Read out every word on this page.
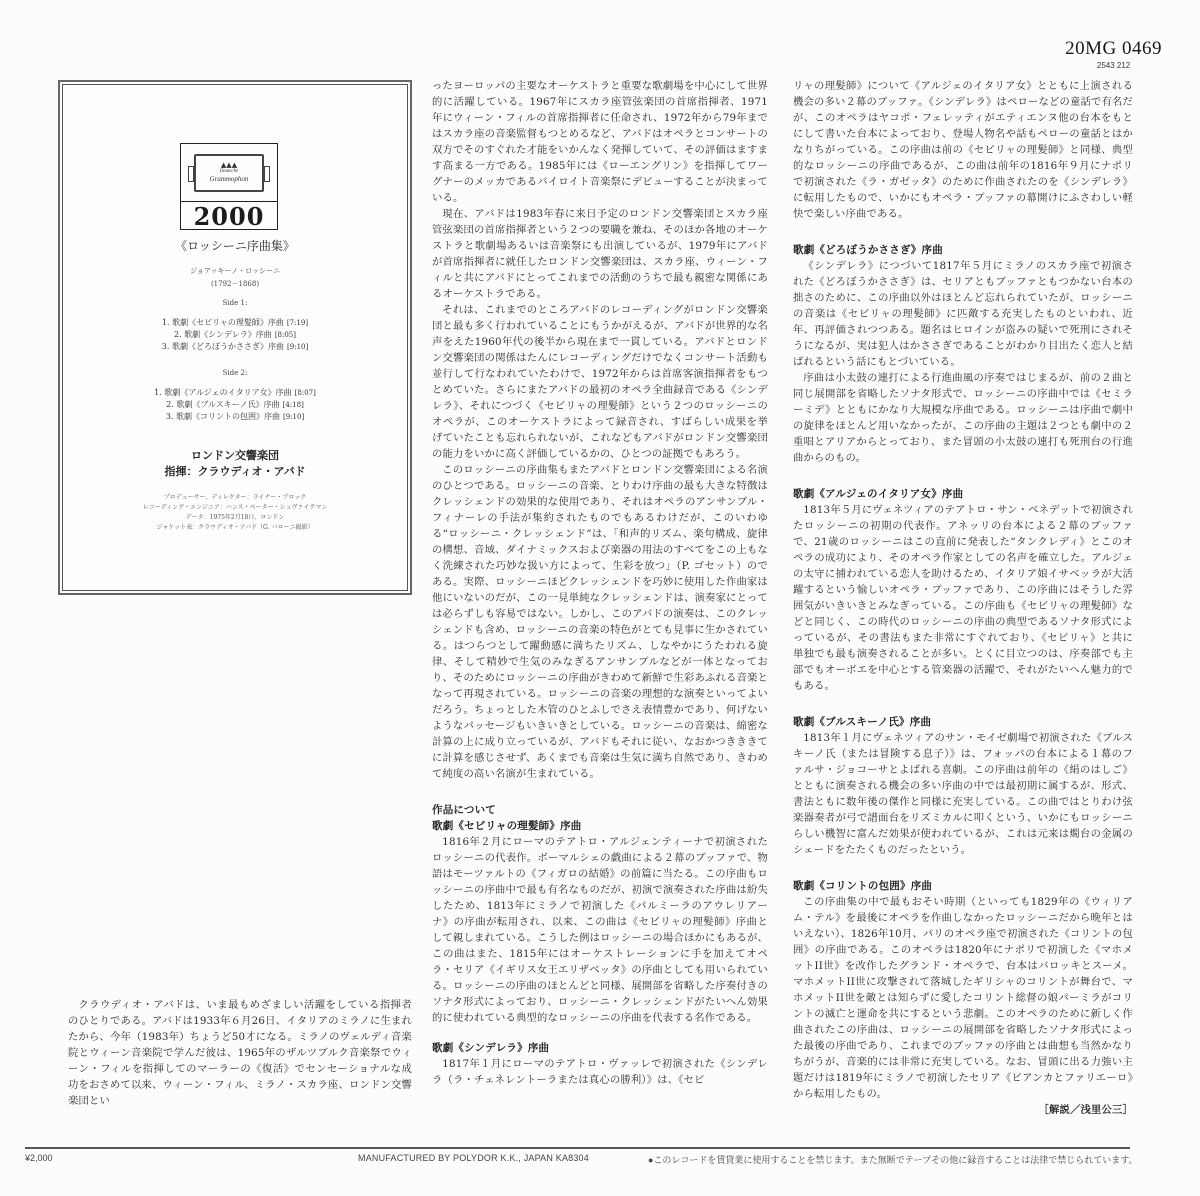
20MG 0469
2543 212
▲▲▲
Deutsche
Grammophon
2000
《ロッシーニ序曲集》
ジョアッキーノ・ロッシーニ
(1792－1868)
Side 1:
1. 歌劇《セビリャの理髪師》序曲 [7:19]
2. 歌劇《シンデレラ》序曲 [8:05]
3. 歌劇《どろぼうかささぎ》序曲 [9:10]
Side 2:
1. 歌劇《アルジェのイタリア女》序曲 [8:07]
2. 歌劇《ブルスキーノ氏》序曲 [4:18]
3. 歌劇《コリントの包囲》序曲 [9:10]
ロンドン交響楽団
指揮：クラウディオ・アバド
プロデューサー、ディレクター：ライナー・ブロック
レコーディング・エンジニア：ハンス・ペーター・シュヴァイクマン
データ：1975年2月18日、ロンドン
ジャケット表：クラウディオ・アバド（G. バローニ撮影）

クラウディオ・アバドは、いま最もめざましい活躍をしている指揮者のひとりである。アバドは1933年６月26日、イタリアのミラノに生まれたから、今年（1983年）ちょうど50才になる。ミラノのヴェルディ音楽院とウィーン音楽院で学んだ彼は、1965年のザルツブルク音楽祭でウィーン・フィルを指揮してのマーラーの《復活》でセンセーショナルな成功をおさめて以来、ウィーン・フィル、ミラノ・スカラ座、ロンドン交響楽団とい

ったヨーロッパの主要なオーケストラと重要な歌劇場を中心にして世界的に活躍している。1967年にスカラ座管弦楽団の首席指揮者、1971年にウィーン・フィルの首席指揮者に任命され、1972年から79年まではスカラ座の音楽監督もつとめるなど、アバドはオペラとコンサートの双方でそのすぐれた才能をいかんなく発揮していて、その評価はますます高まる一方である。1985年には《ローエングリン》を指揮してワーグナーのメッカであるバイロイト音楽祭にデビューすることが決まっている。

現在、アバドは1983年春に来日予定のロンドン交響楽団とスカラ座管弦楽団の首席指揮者という２つの要職を兼ね、そのほか各地のオーケストラと歌劇場あるいは音楽祭にも出演しているが、1979年にアバドが首席指揮者に就任したロンドン交響楽団は、スカラ座、ウィーン・フィルと共にアバドにとってこれまでの活動のうちで最も親密な関係にあるオーケストラである。

それは、これまでのところアバドのレコーディングがロンドン交響楽団と最も多く行われていることにもうかがえるが、アバドが世界的な名声をえた1960年代の後半から現在まで一貫している。アバドとロンドン交響楽団の関係はたんにレコーディングだけでなくコンサート活動も並行して行なわれていたわけで、1972年からは首席客演指揮者をもつとめていた。さらにまたアバドの最初のオペラ全曲録音である《シンデレラ》、それにつづく《セビリャの理髪師》という２つのロッシーニのオペラが、このオーケストラによって録音され、すばらしい成果を挙げていたことも忘れられないが、これなどもアバドがロンドン交響楽団の能力をいかに高く評価しているかの、ひとつの証拠でもあろう。

このロッシーニの序曲集もまたアバドとロンドン交響楽団による名演のひとつである。ロッシーニの音楽、とりわけ序曲の最も大きな特徴はクレッシェンドの効果的な使用であり、それはオペラのアンサンブル・フィナーレの手法が集約されたものでもあるわけだが、このいわゆる“ロッシーニ・クレッシェンド”は、「和声的リズム、楽句構成、旋律の構想、音域、ダイナミックスおよび楽器の用法のすべてをこの上もなく洗練された巧妙な扱い方によって、生彩を放つ」（P. ゴセット）のである。実際、ロッシーニほどクレッシェンドを巧妙に使用した作曲家は他にいないのだが、この一見単純なクレッシェンドは、演奏家にとっては必らずしも容易ではない。しかし、このアバドの演奏は、このクレッシェンドも含め、ロッシーニの音楽の特色がとても見事に生かされている。はつらつとして躍動感に満ちたリズム、しなやかにうたわれる旋律、そして精妙で生気のみなぎるアンサンブルなどが一体となっており、そのためにロッシーニの序曲がきわめて新鮮で生彩あふれる音楽となって再現されている。ロッシーニの音楽の理想的な演奏といってよいだろう。ちょっとした木管のひとふしでさえ表情豊かであり、何げないようなパッセージもいきいきとしている。ロッシーニの音楽は、綿密な計算の上に成り立っているが、アバドもそれに従い、なおかつきききてに計算を感じさせず、あくまでも音楽は生気に満ち自然であり、きわめて純度の高い名演が生まれている。

作品について
歌劇《セビリャの理髪師》序曲

1816年２月にローマのテアトロ・アルジェンティーナで初演されたロッシーニの代表作。ボーマルシェの戯曲による２幕のブッファで、物語はモーツァルトの《フィガロの結婚》の前篇に当たる。この序曲もロッシーニの序曲中で最も有名なものだが、初演で演奏された序曲は紛失したため、1813年にミラノで初演した《パルミーラのアウレリアーナ》の序曲が転用され、以来、この曲は《セビリャの理髪師》序曲として親しまれている。こうした例はロッシーニの場合ほかにもあるが、この曲はまた、1815年にはオーケストレーションに手を加えてオペラ・セリア《イギリス女王エリザベッタ》の序曲としても用いられている。ロッシーニの序曲のほとんどと同様、展開部を省略した序奏付きのソナタ形式によっており、ロッシーニ・クレッシェンドがたいへん効果的に使われている典型的なロッシーニの序曲を代表する名作である。

歌劇《シンデレラ》序曲

1817年１月にローマのテアトロ・ヴァッレで初演された《シンデレラ（ラ・チェネレントーラまたは真心の勝利）》は、《セビ

リャの理髪師》について《アルジェのイタリア女》とともに上演される機会の多い２幕のブッファ。《シンデレラ》はペローなどの童話で有名だが、このオペラはヤコポ・フェレッティがエティエンヌ他の台本をもとにして書いた台本によっており、登場人物名や話もペローの童話とはかなりちがっている。この序曲は前の《セビリャの理髪師》と同様、典型的なロッシーニの序曲であるが、この曲は前年の1816年９月にナポリで初演された《ラ・ガゼッタ》のために作曲されたのを《シンデレラ》に転用したもので、いかにもオペラ・ブッファの幕開けにふさわしい軽快で楽しい序曲である。

歌劇《どろぼうかささぎ》序曲

《シンデレラ》につづいて1817年５月にミラノのスカラ座で初演された《どろぼうかささぎ》は、セリアともブッファともつかない台本の拙さのために、この序曲以外はほとんど忘れられていたが、ロッシーニの音楽は《セビリャの理髪師》に匹敵する充実したものといわれ、近年、再評価されつつある。題名はヒロインが盗みの疑いで死刑にされそうになるが、実は犯人はかささぎであることがわかり目出たく恋人と結ばれるという話にもとづいている。

序曲は小太鼓の連打による行進曲風の序奏ではじまるが、前の２曲と同じ展開部を省略したソナタ形式で、ロッシーニの序曲中では《セミラーミデ》とともにかなり大規模な序曲である。ロッシーニは序曲で劇中の旋律をほとんど用いなかったが、この序曲の主題は２つとも劇中の２重唱とアリアからとっており、また冒頭の小太鼓の連打も死刑台の行進曲からのもの。

歌劇《アルジェのイタリア女》序曲

1813年５月にヴェネツィアのテアトロ・サン・ベネデットで初演されたロッシーニの初期の代表作。アネッリの台本による２幕のブッファで、21歳のロッシーニはこの直前に発表した“タンクレディ》とこのオペラの成功により、そのオペラ作家としての名声を確立した。アルジェの太守に捕われている恋人を助けるため、イタリア娘イサベッラが大活躍するという愉しいオペラ・ブッファであり、この序曲にはそうした雰囲気がいきいきとみなぎっている。この序曲も《セビリャの理髪師》などと同じく、この時代のロッシーニの序曲の典型であるソナタ形式によっているが、その書法もまた非常にすぐれており、《セビリャ》と共に単独でも最も演奏されることが多い。とくに目立つのは、序奏部でも主部でもオーボエを中心とする管楽器の活躍で、それがたいへん魅力的でもある。

歌劇《ブルスキーノ氏》序曲

1813年１月にヴェネツィアのサン・モイゼ劇場で初演された《ブルスキーノ氏（または冒険する息子）》は、フォッパの台本による１幕のファルサ・ジョコーサとよばれる喜劇。この序曲は前年の《絹のはしご》とともに演奏される機会の多い序曲の中では最初期に属するが、形式、書法ともに数年後の傑作と同様に充実している。この曲ではとりわけ弦楽器奏者が弓で譜面台をリズミカルに叩くという、いかにもロッシーニらしい機智に富んだ効果が使われているが、これは元来は燭台の金属のシェードをたたくものだったという。

歌劇《コリントの包囲》序曲

この序曲集の中で最もおそい時期（といっても1829年の《ウィリアム・テル》を最後にオペラを作曲しなかったロッシーニだから晩年とはいえない）、1826年10月、パリのオペラ座で初演された《コリントの包囲》の序曲である。このオペラは1820年にナポリで初演した《マホメットII世》を改作したグランド・オペラで、台本はバロッキとスーメ。マホメットII世に攻撃されて落城したギリシャのコリントが舞台で、マホメットII世を敵とは知らずに愛したコリント総督の娘パーミラがコリントの滅亡と運命を共にするという悲劇。このオペラのために新しく作曲されたこの序曲は、ロッシーニの展開部を省略したソナタ形式によった最後の序曲であり、これまでのブッファの序曲とは曲想も当然かなりちがうが、音楽的には非常に充実している。なお、冒頭に出る力強い主題だけは1819年にミラノで初演したセリア《ビアンカとファリエーロ》から転用したもの。

［解説／浅里公三］
¥2,000	MANUFACTURED BY POLYDOR K.K., JAPAN KA8304	●このレコードを賃貸業に使用することを禁じます。また無断でテープその他に録音することは法律で禁じられています。
